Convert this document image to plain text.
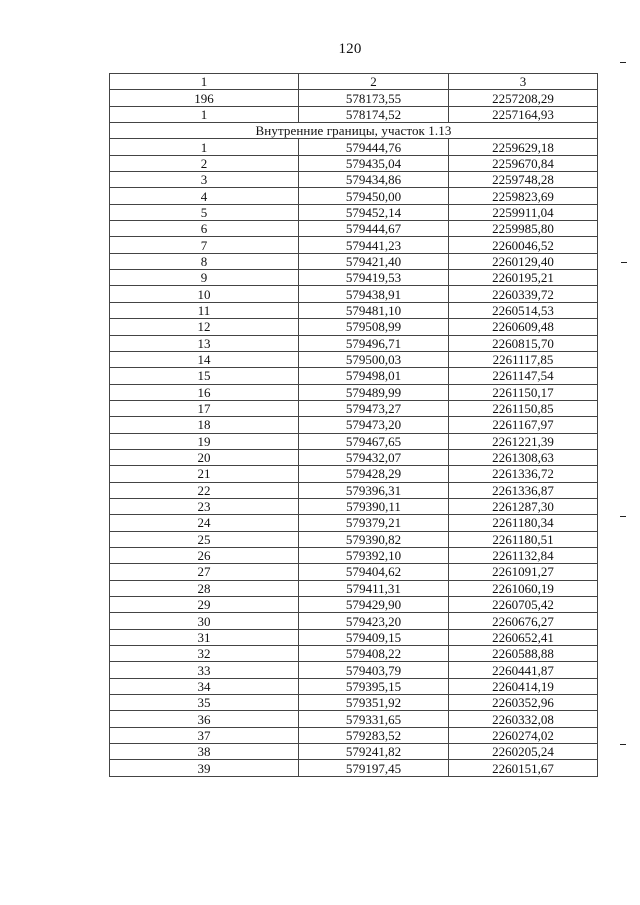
120
1	2	3
196	578173,55	2257208,29
1	578174,52	2257164,93
Внутренние границы, участок 1.13		
1	579444,76	2259629,18
2	579435,04	2259670,84
3	579434,86	2259748,28
4	579450,00	2259823,69
5	579452,14	2259911,04
6	579444,67	2259985,80
7	579441,23	2260046,52
8	579421,40	2260129,40
9	579419,53	2260195,21
10	579438,91	2260339,72
11	579481,10	2260514,53
12	579508,99	2260609,48
13	579496,71	2260815,70
14	579500,03	2261117,85
15	579498,01	2261147,54
16	579489,99	2261150,17
17	579473,27	2261150,85
18	579473,20	2261167,97
19	579467,65	2261221,39
20	579432,07	2261308,63
21	579428,29	2261336,72
22	579396,31	2261336,87
23	579390,11	2261287,30
24	579379,21	2261180,34
25	579390,82	2261180,51
26	579392,10	2261132,84
27	579404,62	2261091,27
28	579411,31	2261060,19
29	579429,90	2260705,42
30	579423,20	2260676,27
31	579409,15	2260652,41
32	579408,22	2260588,88
33	579403,79	2260441,87
34	579395,15	2260414,19
35	579351,92	2260352,96
36	579331,65	2260332,08
37	579283,52	2260274,02
38	579241,82	2260205,24
39	579197,45	2260151,67
